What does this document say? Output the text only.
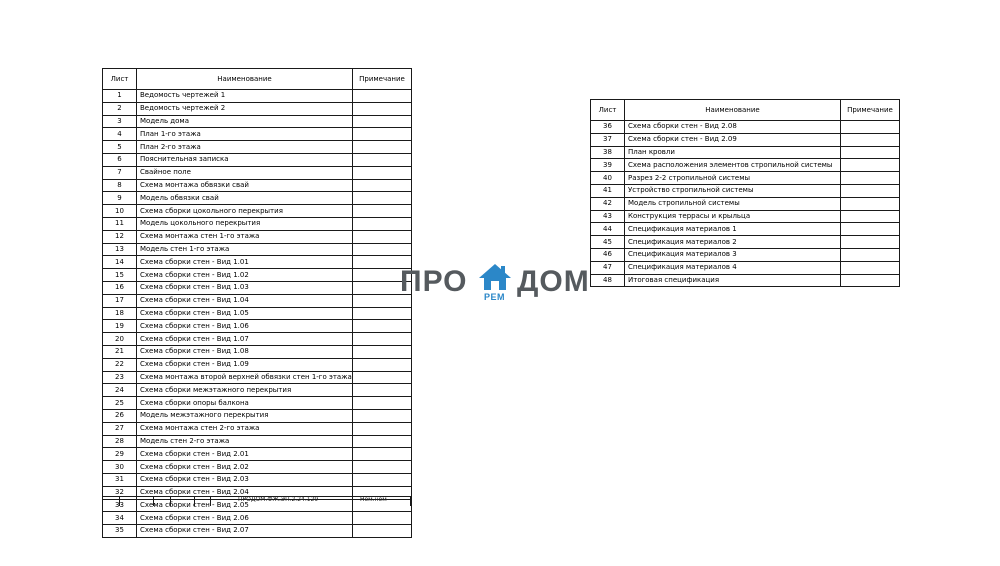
Лист	Наименование	Примечание
1	Ведомость чертежей 1	
2	Ведомость чертежей 2	
3	Модель дома	
4	План 1-го этажа	
5	План 2-го этажа	
6	Пояснительная записка	
7	Свайное поле	
8	Схема монтажа обвязки свай	
9	Модель обвязки свай	
10	Схема сборки цокольного перекрытия	
11	Модель цокольного перекрытия	
12	Схема монтажа стен 1-го этажа	
13	Модель стен 1-го этажа	
14	Схема сборки стен - Вид 1.01	
15	Схема сборки стен - Вид 1.02	
16	Схема сборки стен - Вид 1.03	
17	Схема сборки стен - Вид 1.04	
18	Схема сборки стен - Вид 1.05	
19	Схема сборки стен - Вид 1.06	
20	Схема сборки стен - Вид 1.07	
21	Схема сборки стен - Вид 1.08	
22	Схема сборки стен - Вид 1.09	
23	Схема монтажа второй верхней обвязки стен 1-го этажа	
24	Схема сборки межэтажного перекрытия	
25	Схема сборки опоры балкона	
26	Модель межэтажного перекрытия	
27	Схема монтажа стен 2-го этажа	
28	Модель стен 2-го этажа	
29	Схема сборки стен - Вид 2.01	
30	Схема сборки стен - Вид 2.02	
31	Схема сборки стен - Вид 2.03	
32	Схема сборки стен - Вид 2.04	
33	Схема сборки стен - Вид 2.05	
34	Схема сборки стен - Вид 2.06	
35	Схема сборки стен - Вид 2.07	
ПРОДОМ.ФЖ.ЭП.2.24.129	Ном.ном
Лист	Наименование	Примечание
36	Схема сборки стен - Вид 2.08	
37	Схема сборки стен - Вид 2.09	
38	План кровли	
39	Схема расположения элементов стропильной системы	
40	Разрез 2-2 стропильной системы	
41	Устройство стропильной системы	
42	Модель стропильной системы	
43	Конструкция террасы и крыльца	
44	Спецификация материалов 1	
45	Спецификация материалов 2	
46	Спецификация материалов 3	
47	Спецификация материалов 4	
48	Итоговая спецификация	
ПРО РЕМ ДОМ
